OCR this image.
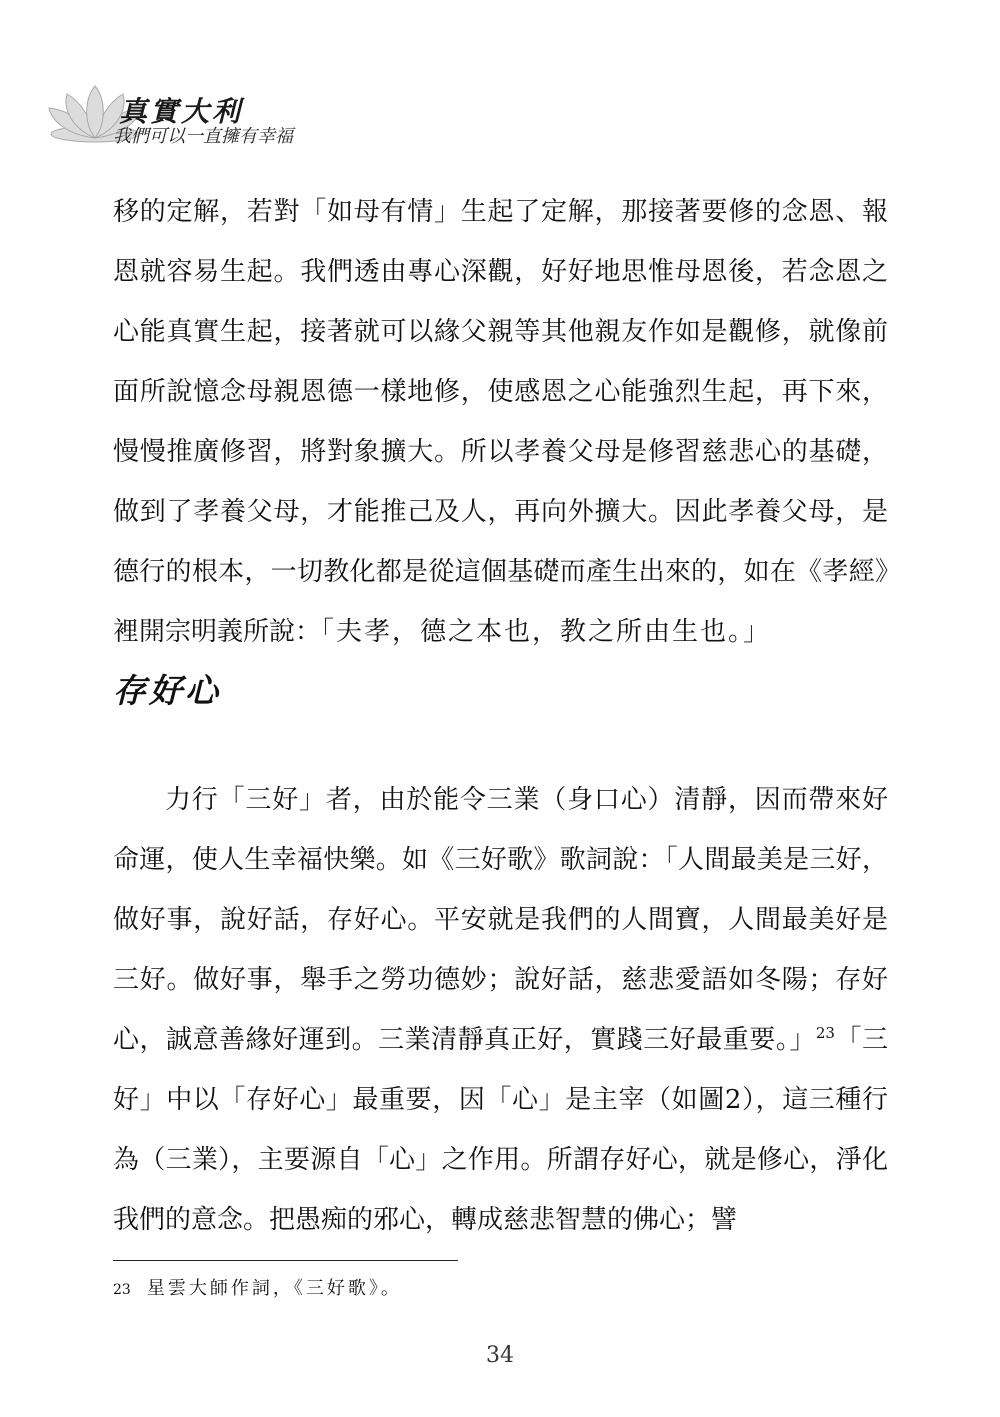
真實大利
我們可以一直擁有幸福

移的定解，若對「如母有情」生起了定解，那接著要修的念恩、報恩就容易生起。我們透由專心深觀，好好地思惟母恩後，若念恩之心能真實生起，接著就可以緣父親等其他親友作如是觀修，就像前面所說憶念母親恩德一樣地修，使感恩之心能強烈生起，再下來，慢慢推廣修習，將對象擴大。所以孝養父母是修習慈悲心的基礎，做到了孝養父母，才能推己及人，再向外擴大。因此孝養父母，是德行的根本，一切教化都是從這個基礎而產生出來的，如在《孝經》裡開宗明義所說：「夫孝，德之本也，教之所由生也。」

存好心

力行「三好」者，由於能令三業（身口心）清靜，因而帶來好命運，使人生幸福快樂。如《三好歌》歌詞說：「人間最美是三好，做好事，說好話，存好心。平安就是我們的人間寶，人間最美好是三好。做好事，舉手之勞功德妙；說好話，慈悲愛語如冬陽；存好心，誠意善緣好運到。三業清靜真正好，實踐三好最重要。」$^{23}$「三好」中以「存好心」最重要，因「心」是主宰（如圖2），這三種行為（三業），主要源自「心」之作用。所謂存好心，就是修心，淨化我們的意念。把愚痴的邪心，轉成慈悲智慧的佛心；譬

23 星雲大師作詞，《三好歌》。

34
